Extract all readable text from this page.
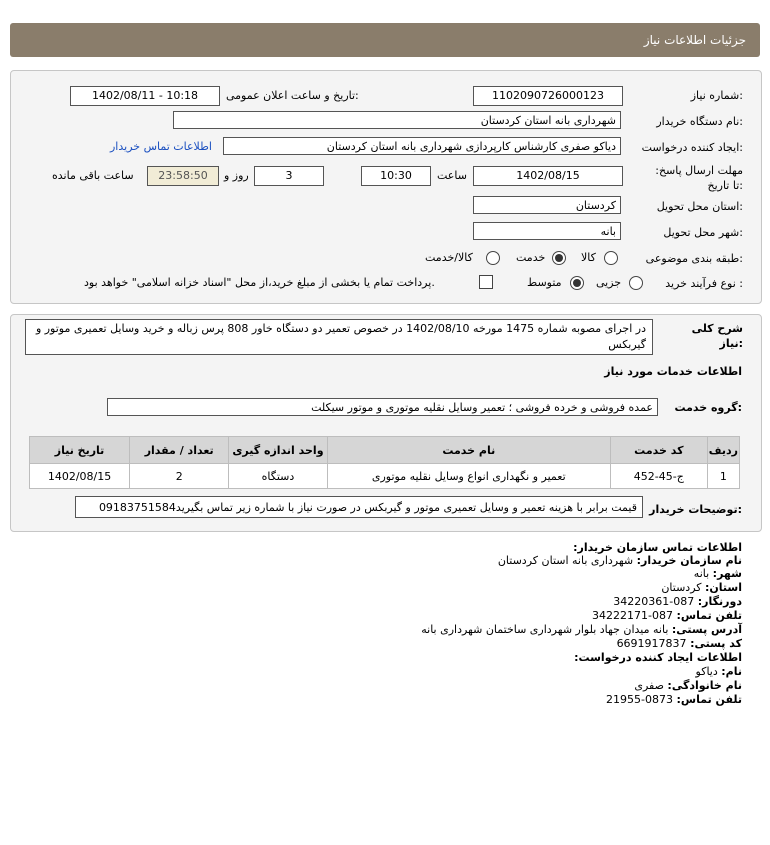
جزئیات اطلاعات نیاز
شماره نیاز:
1102090726000123
تاریخ و ساعت اعلان عمومی:
1402/08/11 - 10:18
نام دستگاه خریدار:
شهرداری بانه استان کردستان
ایجاد کننده درخواست:
دیاکو صفری کارشناس کارپردازی شهرداری بانه استان کردستان
اطلاعات تماس خریدار
مهلت ارسال پاسخ: تا تاریخ:
1402/08/15
ساعت
10:30
3
روز و
23:58:50
ساعت باقی مانده
استان محل تحویل:
کردستان
شهر محل تحویل:
بانه
طبقه بندی موضوعی:
کالا
خدمت
کالا/خدمت
نوع فرآیند خرید :
جزیی
متوسط
پرداخت تمام یا بخشی از مبلغ خرید،از محل "اسناد خزانه اسلامی" خواهد بود.
شرح کلی نیاز:
در اجرای مصوبه شماره 1475 مورخه 1402/08/10 در خصوص تعمیر دو دستگاه خاور 808 پرس زباله و خرید وسایل تعمیری موتور و گیربکس
اطلاعات خدمات مورد نیاز
گروه خدمت:
عمده فروشی و خرده فروشی ؛ تعمیر وسایل نقلیه موتوری و موتور سیکلت
تاریخ نیاز	تعداد / مقدار	واحد اندازه گیری	نام خدمت	کد خدمت	ردیف
1402/08/15	2	دستگاه	تعمیر و نگهداری انواع وسایل نقلیه موتوری	ج-45-452	1
توضیحات خریدار:
قیمت برابر با هزینه تعمیر و وسایل تعمیری موتور و گیربکس در صورت نیاز با شماره زیر تماس بگیرید09183751584
اطلاعات تماس سازمان خریدار:
نام سازمان خریدار: شهرداری بانه استان کردستان
شهر: بانه
استان: کردستان
دورنگار: 087-34220361
تلفن تماس: 087-34222171
آدرس پستی: بانه میدان جهاد بلوار شهرداری ساختمان شهرداری بانه
کد پستی: 6691917837
اطلاعات ایجاد کننده درخواست:
نام: دیاکو
نام خانوادگی: صفری
تلفن تماس: 0873-21955
